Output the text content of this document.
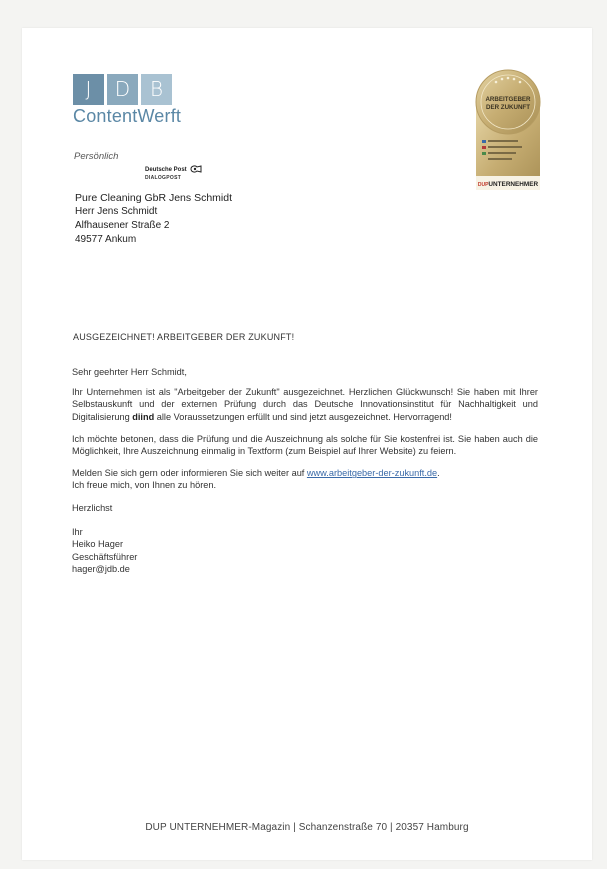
J	D B
ContentWerft
ARBEITGEBER
DER ZUKUNFT
DUPUNTERNEHMER
Persönlich
Deutsche Post
DIALOGPOST
Pure Cleaning GbR Jens Schmidt
Herr Jens Schmidt
Alfhausener Straße 2
49577 Ankum
AUSGEZEICHNET! ARBEITGEBER DER ZUKUNFT!

Sehr geehrter Herr Schmidt,

Ihr Unternehmen ist als "Arbeitgeber der Zukunft" ausgezeichnet. Herzlichen Glückwunsch! Sie haben mit Ihrer Selbstauskunft und der externen Prüfung durch das Deutsche Innovationsinstitut für Nachhaltigkeit und Digitalisierung diind alle Voraussetzungen erfüllt und sind jetzt ausgezeichnet. Hervorragend!

Ich möchte betonen, dass die Prüfung und die Auszeichnung als solche für Sie kostenfrei ist. Sie haben auch die Möglichkeit, Ihre Auszeichnung einmalig in Textform (zum Beispiel auf Ihrer Website) zu feiern.

Melden Sie sich gern oder informieren Sie sich weiter auf www.arbeitgeber-der-zukunft.de.
Ich freue mich, von Ihnen zu hören.

Herzlichst
Ihr
Heiko Hager
Geschäftsführer
hager@jdb.de
DUP UNTERNEHMER-Magazin | Schanzenstraße 70 | 20357 Hamburg
